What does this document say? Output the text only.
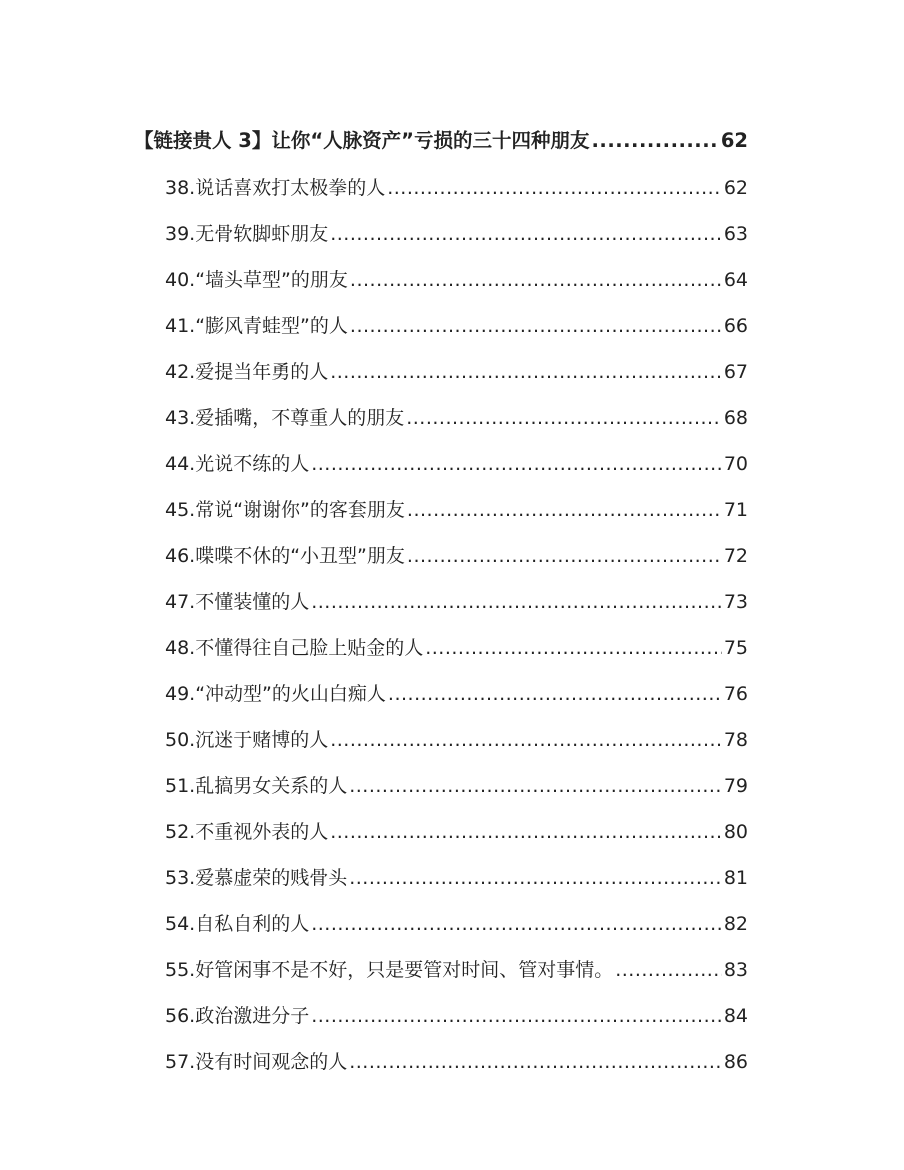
【链接贵人 3】让你“人脉资产”亏损的三十四种朋友 .....	62
38.说话喜欢打太极拳的人 .....	62
39.无骨软脚虾朋友 .....	63
40.“墙头草型”的朋友 .....	64
41.“膨风青蛙型”的人 .....	66
42.爱提当年勇的人 .....	67
43.爱插嘴，不尊重人的朋友 .....	68
44.光说不练的人 .....	70
45.常说“谢谢你”的客套朋友 .....	71
46.喋喋不休的“小丑型”朋友 .....	72
47.不懂装懂的人 .....	73
48.不懂得往自己脸上贴金的人 .....	75
49.“冲动型”的火山白痴人 .....	76
50.沉迷于赌博的人 .....	78
51.乱搞男女关系的人 .....	79
52.不重视外表的人 .....	80
53.爱慕虚荣的贱骨头 .....	81
54.自私自利的人 .....	82
55.好管闲事不是不好，只是要管对时间、管对事情。 .....	83
56.政治激进分子 .....	84
57.没有时间观念的人 .....	86
